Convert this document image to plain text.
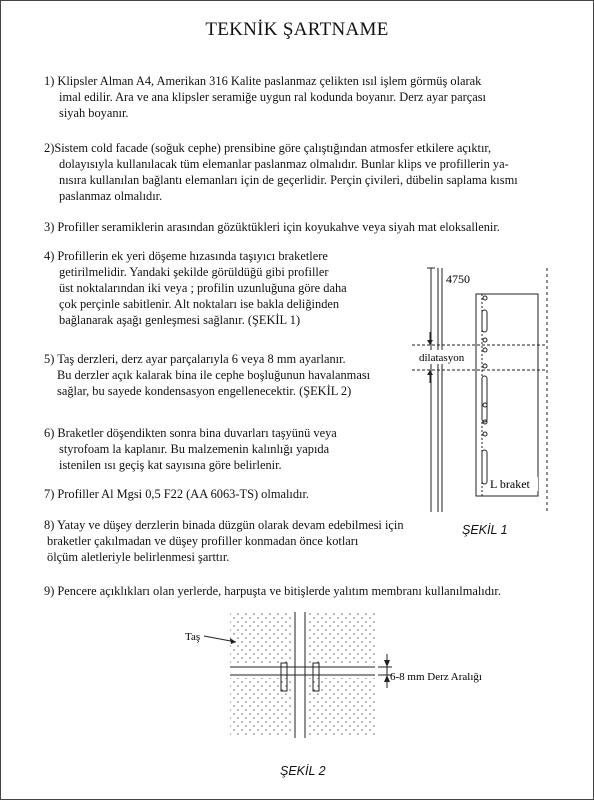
TEKNİK ŞARTNAME
1) Klipsler Alman A4, Amerikan 316 Kalite paslanmaz çelikten ısıl işlem görmüş olarak
imal edilir. Ara ve ana klipsler seramiğe uygun ral kodunda boyanır. Derz ayar parçası
siyah boyanır.
2)Sistem cold facade (soğuk cephe) prensibine göre çalıştığından atmosfer etkilere açıktır,
dolayısıyla kullanılacak tüm elemanlar paslanmaz olmalıdır. Bunlar klips ve profillerin ya-
nısıra kullanılan bağlantı elemanları için de geçerlidir. Perçin çivileri, dübelin saplama kısmı
paslanmaz olmalıdır.
3) Profiller seramiklerin arasından gözüktükleri için koyukahve veya siyah mat eloksallenir.
4) Profillerin ek yeri döşeme hızasında taşıyıcı braketlere
getirilmelidir. Yandaki şekilde görüldüğü gibi profiller
üst noktalarından iki veya ; profilin uzunluğuna göre daha
çok perçinle sabitlenir. Alt noktaları ise bakla deliğinden
bağlanarak aşağı genleşmesi sağlanır. (ŞEKİL 1)
5) Taş derzleri, derz ayar parçalarıyla 6 veya 8 mm ayarlanır.
Bu derzler açık kalarak bina ile cephe boşluğunun havalanması
sağlar, bu sayede kondensasyon engellenecektir. (ŞEKİL 2)
6) Braketler döşendikten sonra bina duvarları taşyünü veya
styrofoam la kaplanır. Bu malzemenin kalınlığı yapıda
istenilen ısı geçiş kat sayısına göre belirlenir.
7) Profiller Al Mgsi 0,5 F22 (AA 6063-TS) olmalıdır.
8) Yatay ve düşey derzlerin binada düzgün olarak devam edebilmesi için
braketler çakılmadan ve düşey profiller konmadan önce kotları
ölçüm aletleriyle belirlenmesi şarttır.
9) Pencere açıklıkları olan yerlerde, harpuşta ve bitişlerde yalıtım membranı kullanılmalıdır.
4750
dilatasyon
L braket
ŞEKİL 1
Taş
6-8 mm Derz Aralığı
ŞEKİL 2
